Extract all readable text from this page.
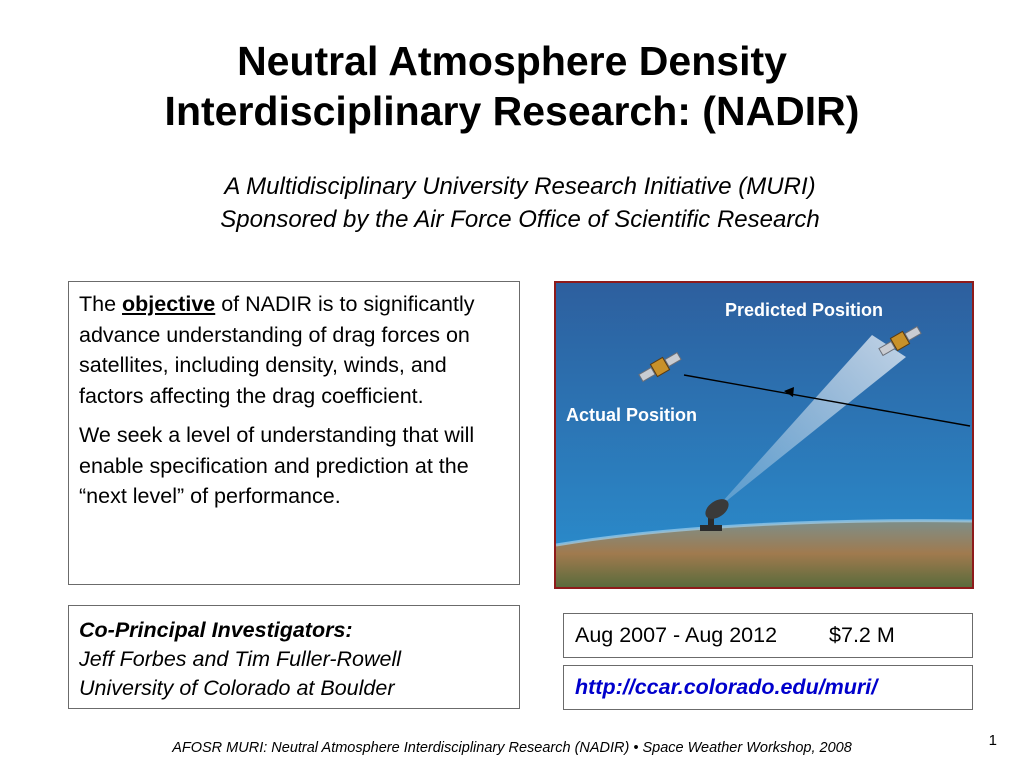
Neutral Atmosphere Density
Interdisciplinary Research: (NADIR)
A Multidisciplinary University Research Initiative (MURI)
Sponsored by the Air Force Office of Scientific Research

The objective of NADIR is to significantly advance understanding of drag forces on satellites, including density, winds, and factors affecting the drag coefficient.

We seek a level of understanding that will enable specification and prediction at the “next level” of performance.

Co-Principal Investigators:
Jeff Forbes and Tim Fuller-Rowell
University of Colorado at Boulder
Predicted Position
Actual Position
Aug 2007 - Aug 2012 $7.2 M
http://ccar.colorado.edu/muri/
AFOSR MURI: Neutral Atmosphere Interdisciplinary Research (NADIR) • Space Weather Workshop, 2008	1
